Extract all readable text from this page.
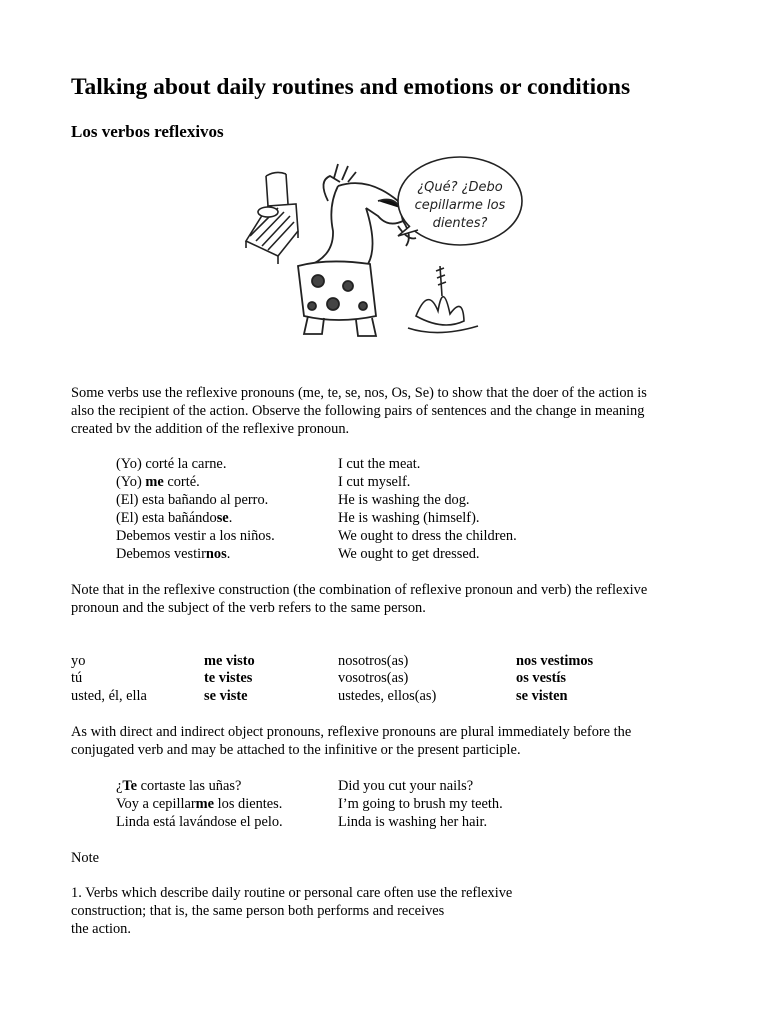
Talking about daily routines and emotions or conditions
Los verbos reflexivos
¿Qué? ¿Debo
cepillarme los
dientes?
Some verbs use the reflexive pronouns (me, te, se, nos, Os, Se) to show that the doer of the action is
also the recipient of the action. Observe the following pairs of sentences and the change in meaning
created bv the addition of the reflexive pronoun.
(Yo) corté la carne.	I cut the meat.
(Yo) me corté.	I cut myself.
(El) esta bañando al perro.	He is washing the dog.
(El) esta bañándose.	He is washing (himself).
Debemos vestir a los niños.	We ought to dress the children.
Debemos vestirnos.	We ought to get dressed.
Note that in the reflexive construction (the combination of reflexive pronoun and verb) the reflexive
pronoun and the subject of the verb refers to the same person.
yo	me visto	nosotros(as)	nos vestimos
tú	te vistes	vosotros(as)	os vestís
usted, él, ella	se viste	ustedes, ellos(as)	se visten
As with direct and indirect object pronouns, reflexive pronouns are plural immediately before the
conjugated verb and may be attached to the infinitive or the present participle.
¿Te cortaste las uñas?	Did you cut your nails?
Voy a cepillarme los dientes.	I’m going to brush my teeth.
Linda está lavándose el pelo.	Linda is washing her hair.
Note
1. Verbs which describe daily routine or personal care often use the reflexive
construction; that is, the same person both performs and receives
the action.
